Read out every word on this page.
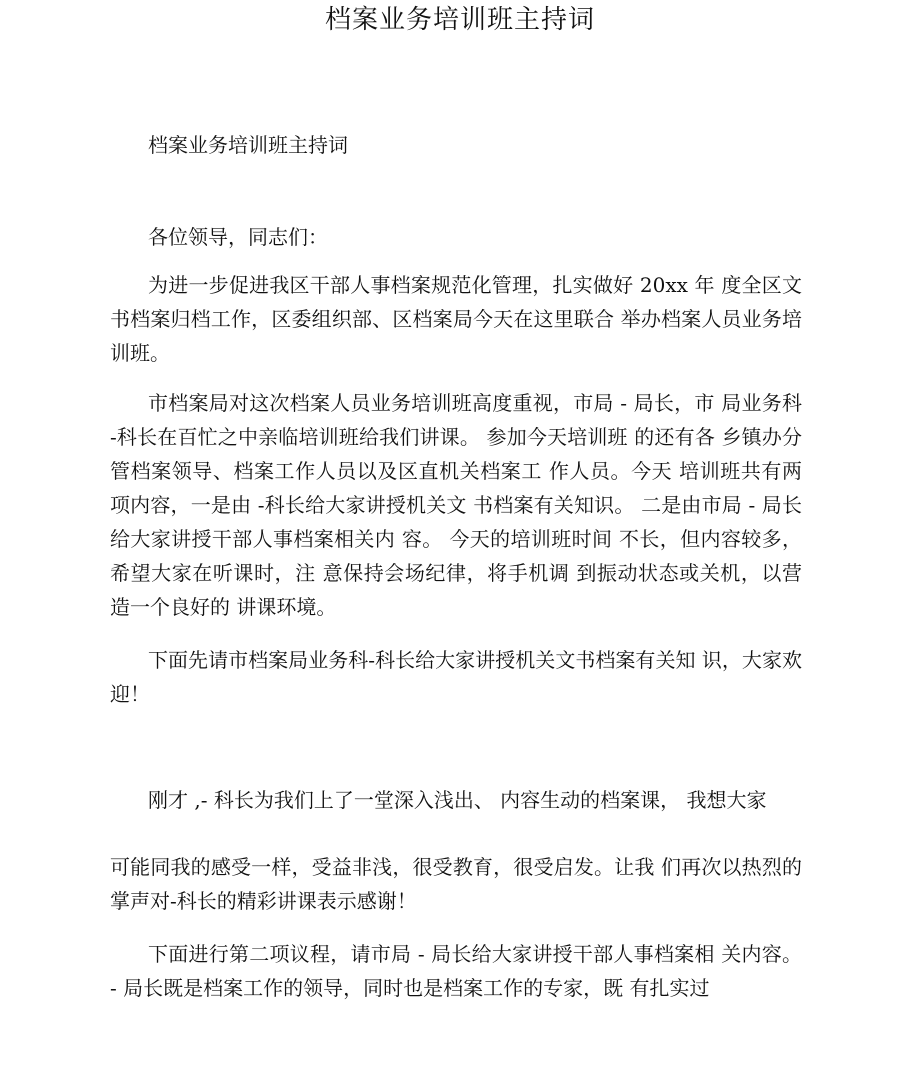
档案业务培训班主持词
档案业务培训班主持词
各位领导，同志们：
为进一步促进我区干部人事档案规范化管理，扎实做好 20xx 年 度全区文书档案归档工作，区委组织部、区档案局今天在这里联合 举办档案人员业务培训班。
市档案局对这次档案人员业务培训班高度重视，市局 - 局长，市 局业务科 -科长在百忙之中亲临培训班给我们讲课。 参加今天培训班 的还有各 乡镇办分管档案领导、档案工作人员以及区直机关档案工 作人员。今天 培训班共有两项内容，一是由 -科长给大家讲授机关文 书档案有关知识。 二是由市局 - 局长给大家讲授干部人事档案相关内 容。 今天的培训班时间 不长，但内容较多，希望大家在听课时，注 意保持会场纪律，将手机调 到振动状态或关机，以营造一个良好的 讲课环境。
下面先请市档案局业务科-科长给大家讲授机关文书档案有关知 识，大家欢迎！
刚才 ,- 科长为我们上了一堂深入浅出、 内容生动的档案课， 我想大家
可能同我的感受一样，受益非浅，很受教育，很受启发。让我 们再次以热烈的掌声对-科长的精彩讲课表示感谢！
下面进行第二项议程，请市局 - 局长给大家讲授干部人事档案相 关内容。 - 局长既是档案工作的领导，同时也是档案工作的专家，既 有扎实过
